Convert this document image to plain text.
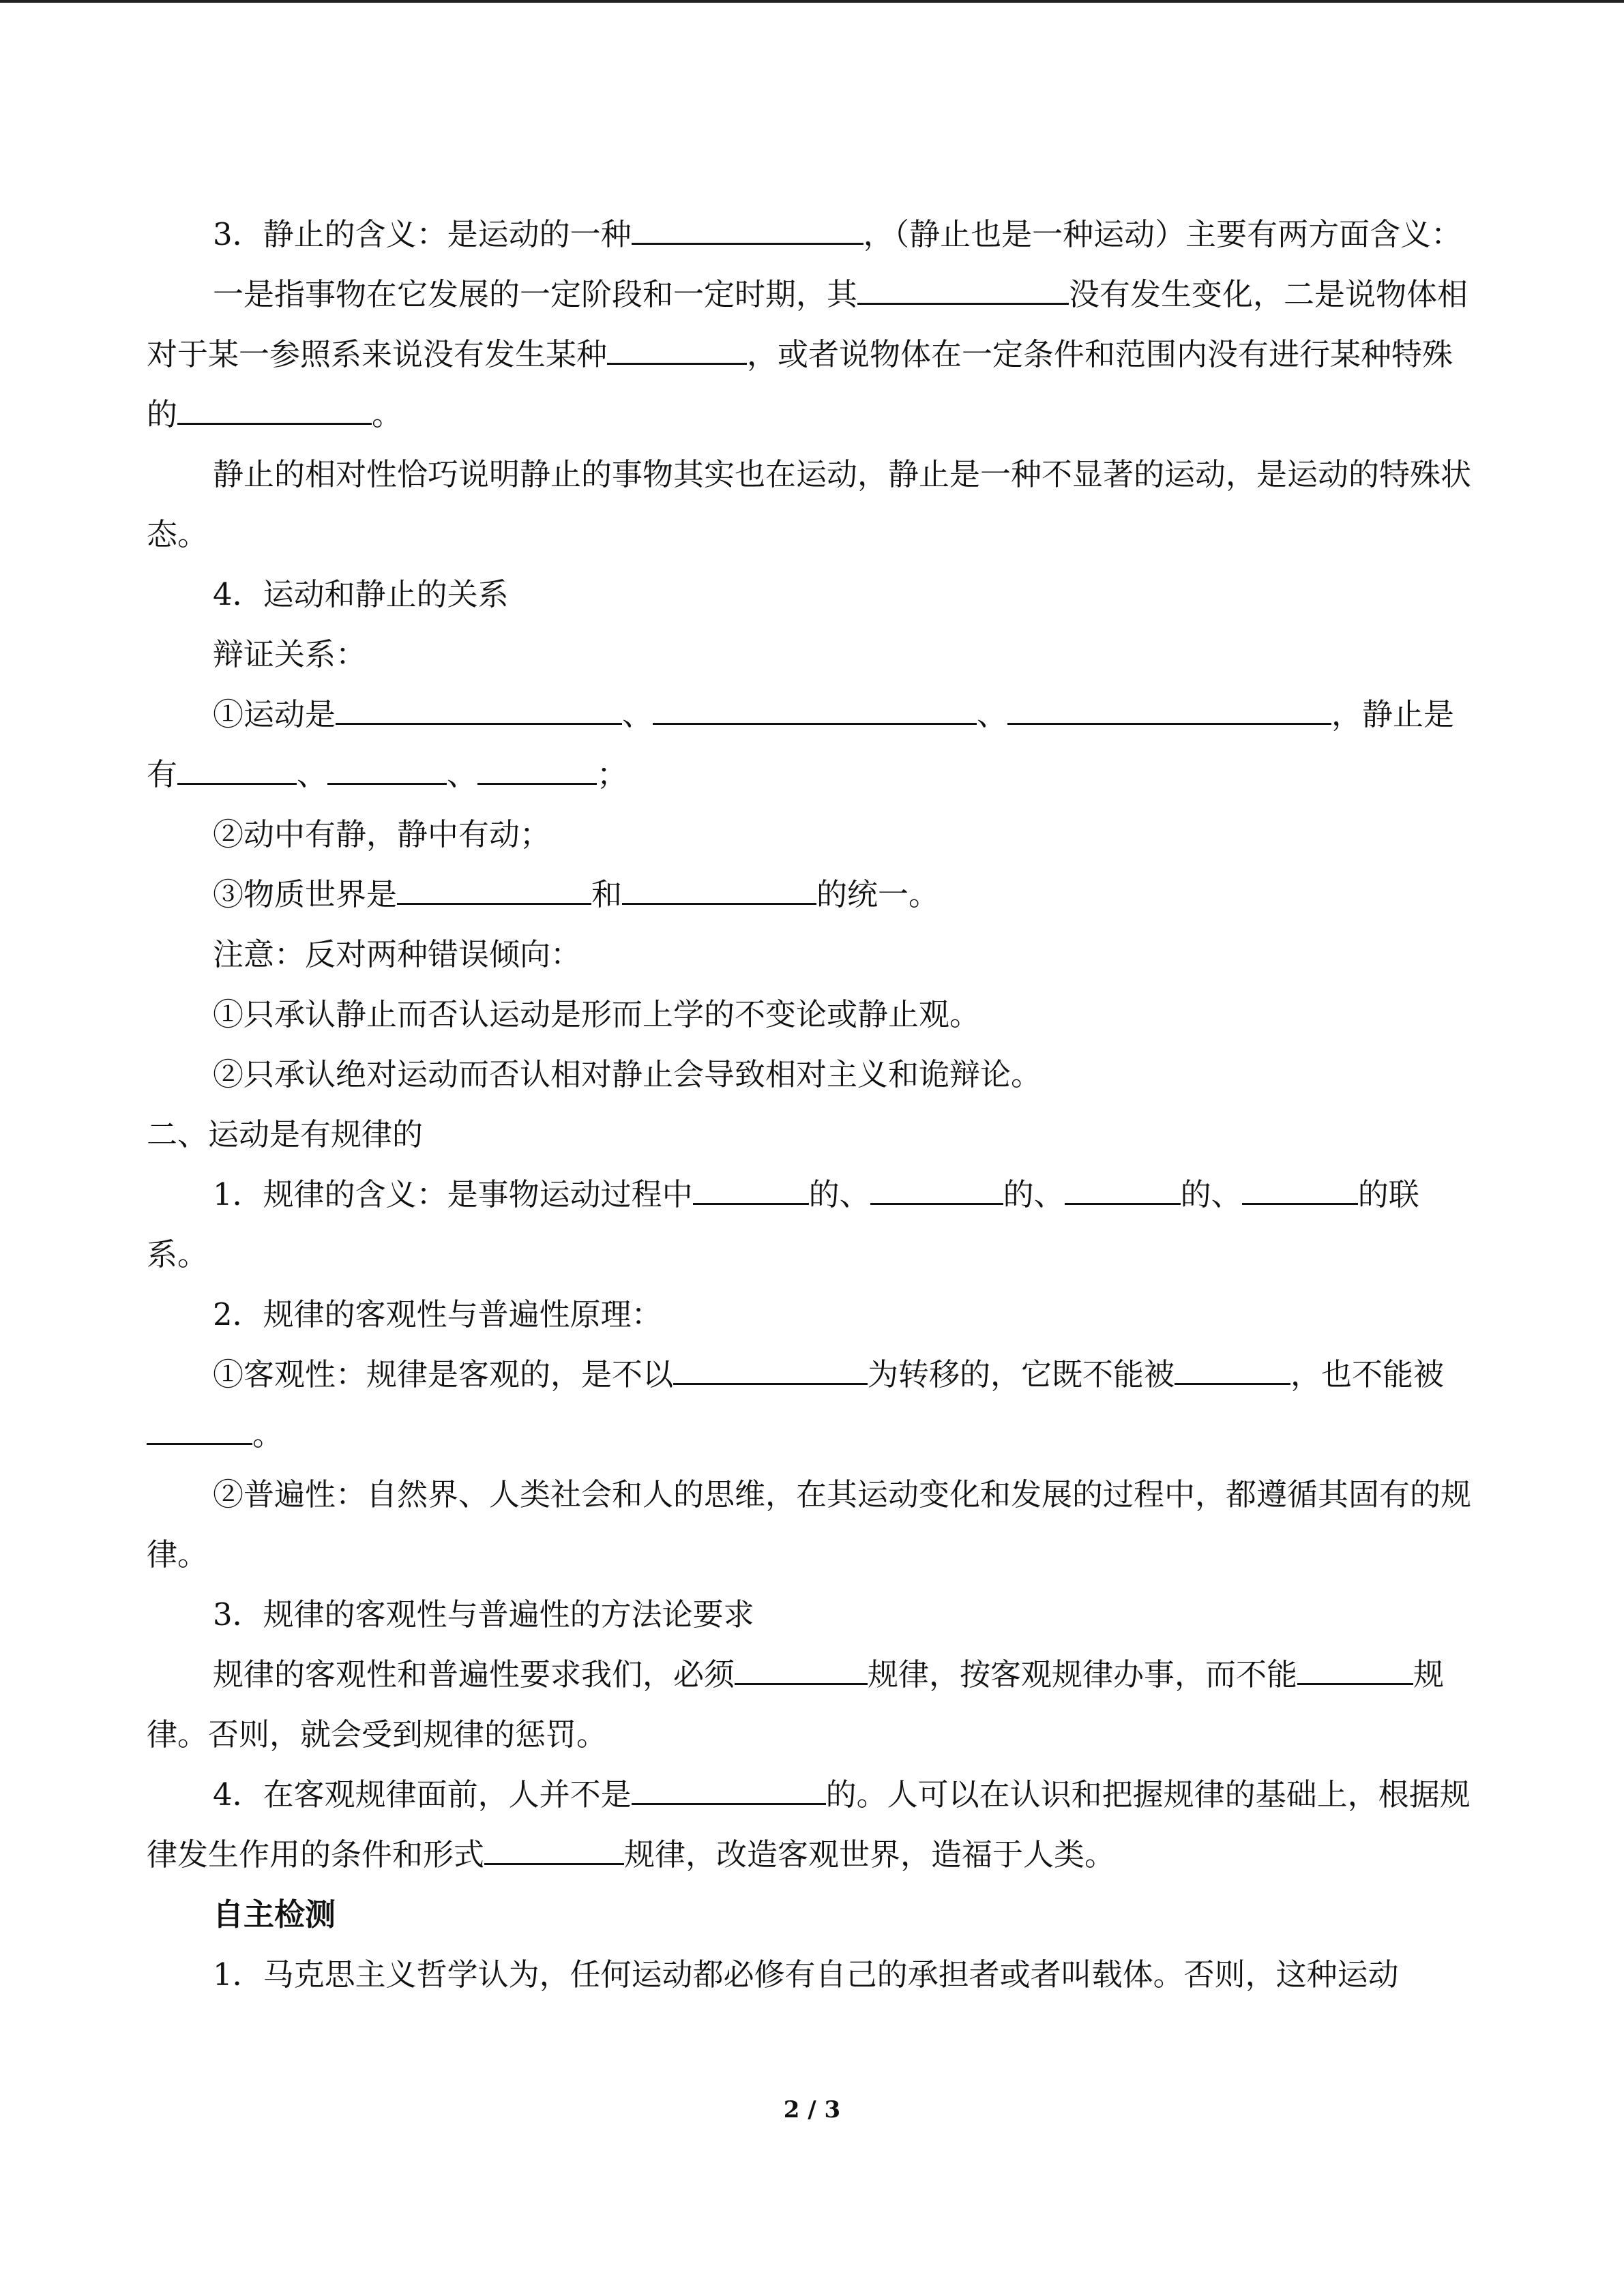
3．静止的含义：是运动的一种	，（静止也是一种运动）主要有两方面含义：

一是指事物在它发展的一定阶段和一定时期，其	没有发生变化，二是说物体相对于某一参照系来说没有发生某种	，或者说物体在一定条件和范围内没有进行某种特殊的	。

静止的相对性恰巧说明静止的事物其实也在运动，静止是一种不显著的运动，是运动的特殊状态。

4．运动和静止的关系

辩证关系：

①运动是	、	、	，静止是有	、	、	；

②动中有静，静中有动；

③物质世界是	和	的统一。

注意：反对两种错误倾向：

①只承认静止而否认运动是形而上学的不变论或静止观。

②只承认绝对运动而否认相对静止会导致相对主义和诡辩论。

二、运动是有规律的

1．规律的含义：是事物运动过程中	的、	的、	的、	的联系。

2．规律的客观性与普遍性原理：

①客观性：规律是客观的，是不以	为转移的，它既不能被	，也不能被。

②普遍性：自然界、人类社会和人的思维，在其运动变化和发展的过程中，都遵循其固有的规律。

3．规律的客观性与普遍性的方法论要求

规律的客观性和普遍性要求我们，必须	规律，按客观规律办事，而不能	规律。否则，就会受到规律的惩罚。

4．在客观规律面前，人并不是	的。人可以在认识和把握规律的基础上，根据规律发生作用的条件和形式	规律，改造客观世界，造福于人类。

自主检测

1．马克思主义哲学认为，任何运动都必修有自己的承担者或者叫载体。否则，这种运动

2 / 3
